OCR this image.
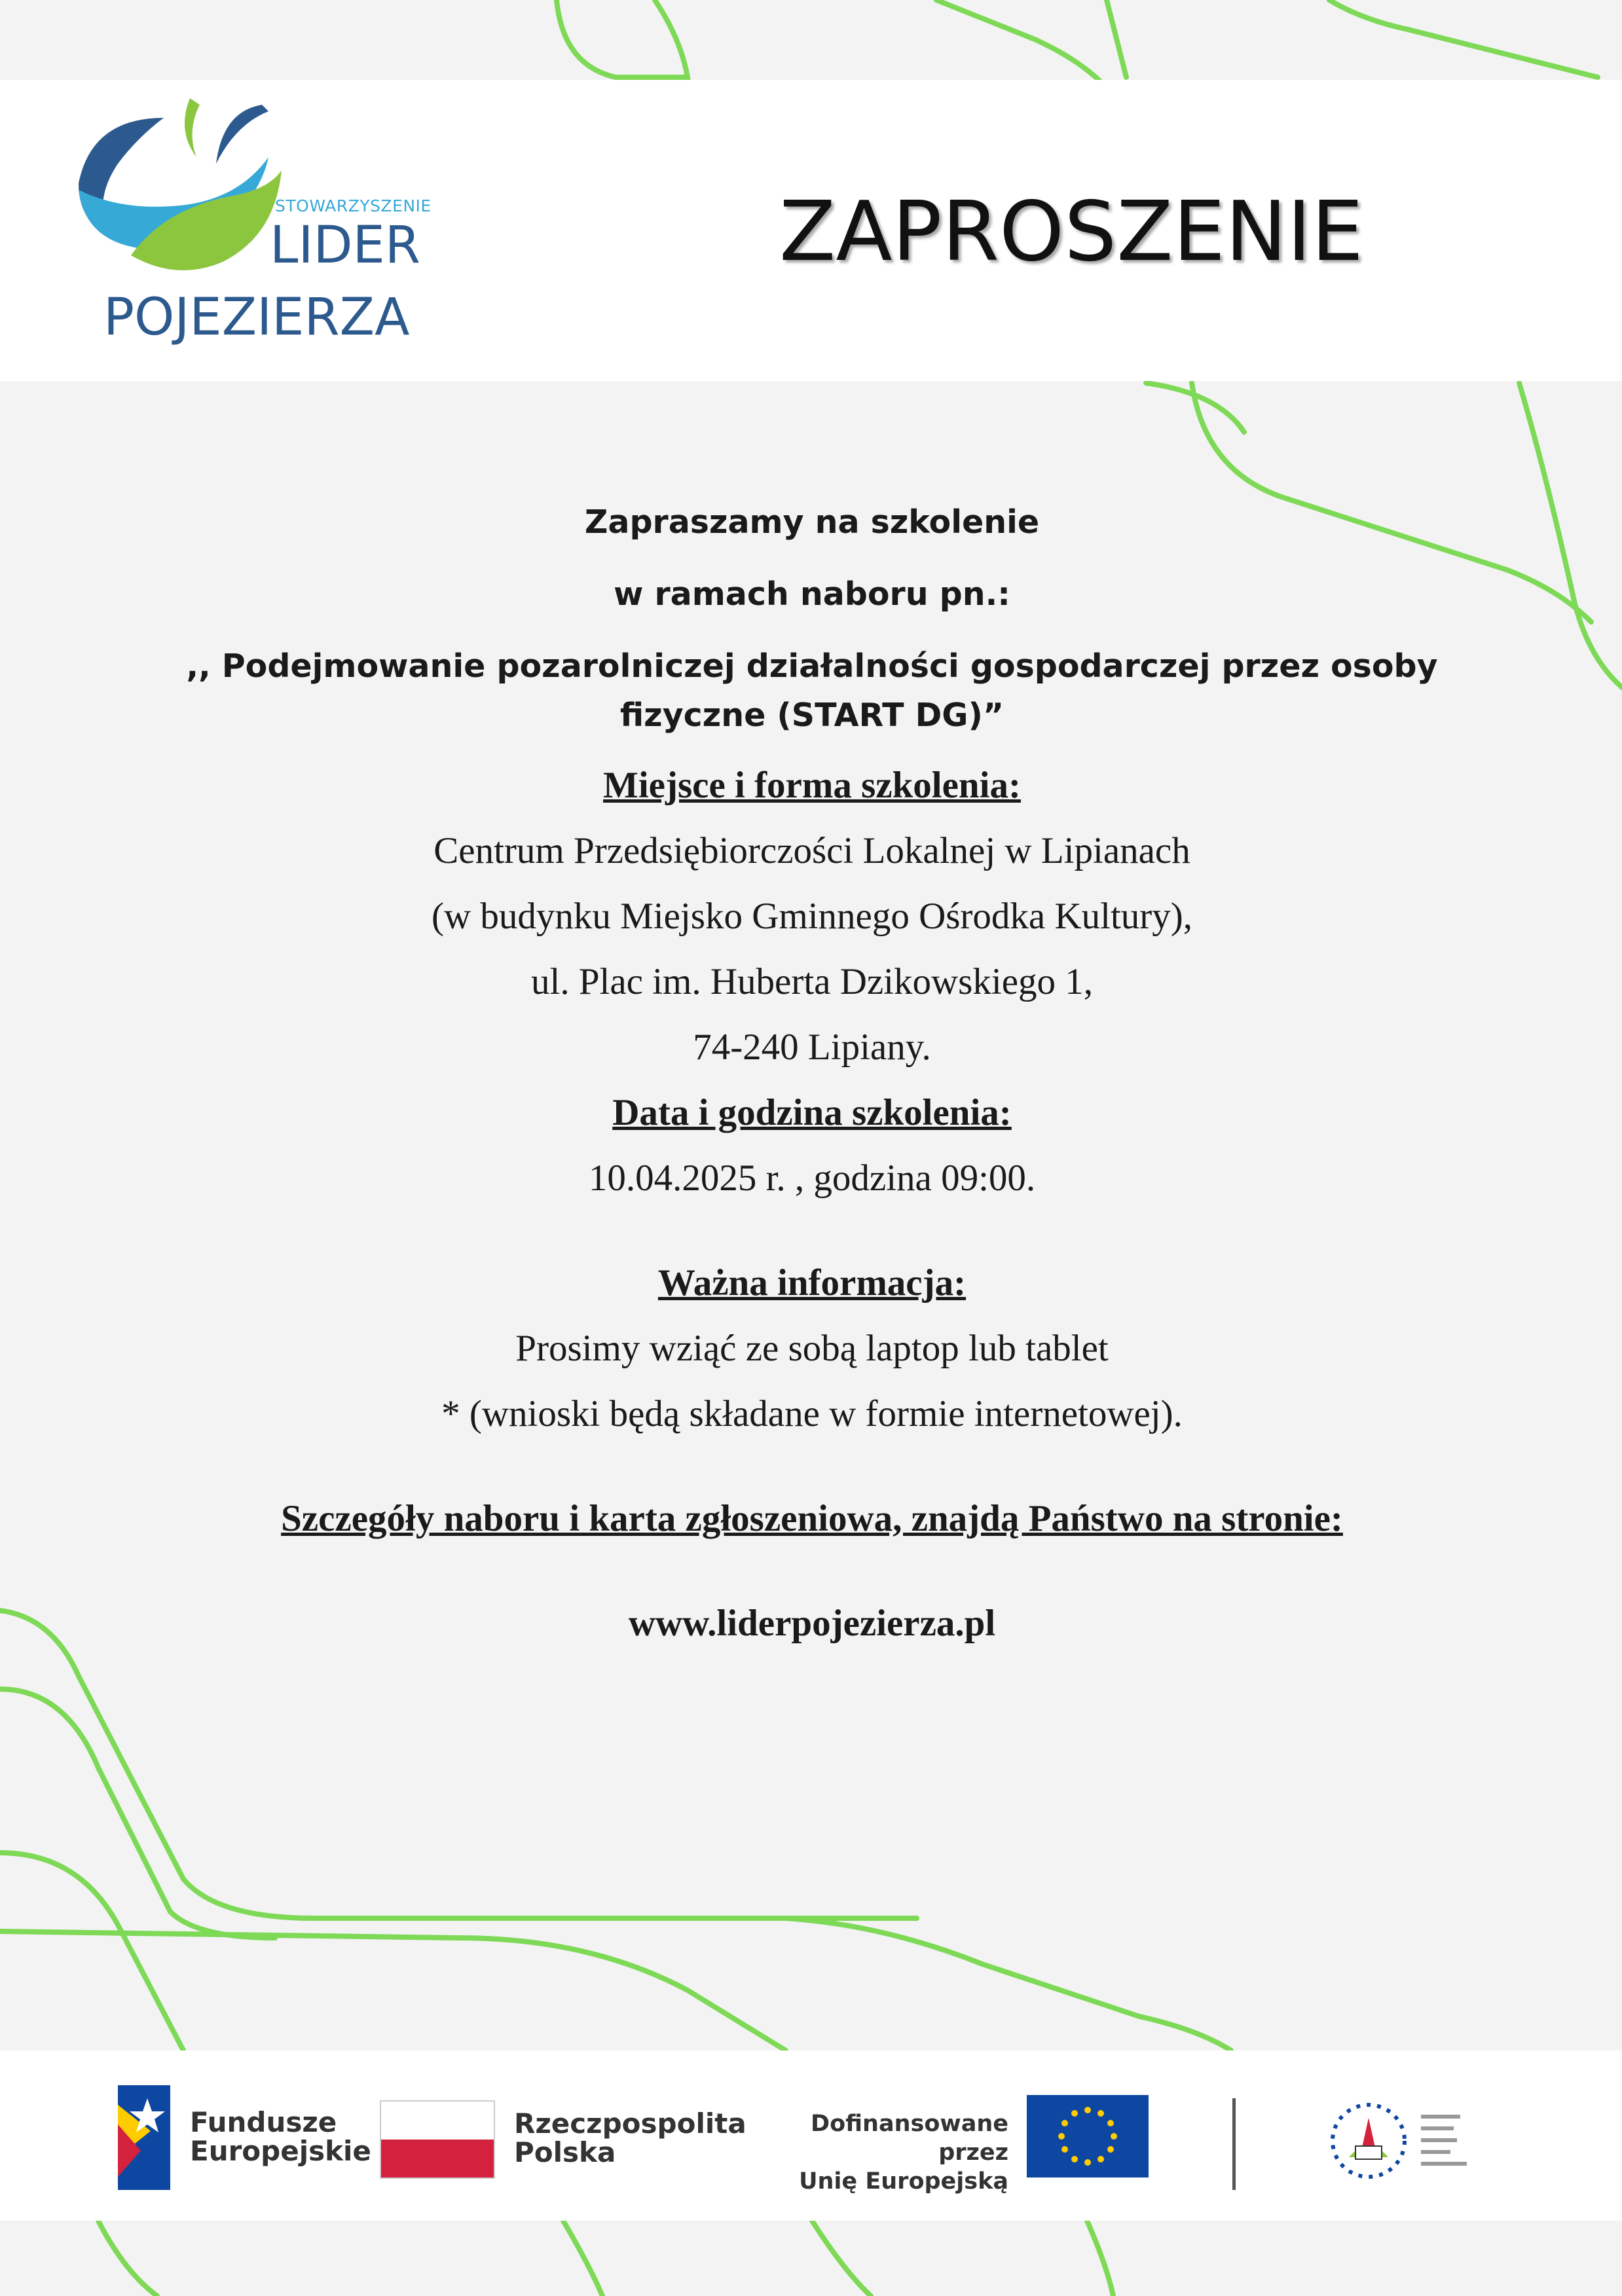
STOWARZYSZENIE
LIDER
POJEZIERZA
ZAPROSZENIE

Zapraszamy na szkolenie

w ramach naboru pn.:

,, Podejmowanie pozarolniczej działalności gospodarczej przez osoby

fizyczne (START DG)”

Miejsce i forma szkolenia:

Centrum Przedsiębiorczości Lokalnej w Lipianach

(w budynku Miejsko Gminnego Ośrodka Kultury),

ul. Plac im. Huberta Dzikowskiego 1,

74-240 Lipiany.

Data i godzina szkolenia:

10.04.2025 r. , godzina 09:00.

Ważna informacja:

Prosimy wziąć ze sobą laptop lub tablet

* (wnioski będą składane w formie internetowej).

Szczegóły naboru i karta zgłoszeniowa, znajdą Państwo na stronie:

www.liderpojezierza.pl

Fundusze
Europejskie
Rzeczpospolita
Polska
Dofinansowane przez
Unię Europejską
